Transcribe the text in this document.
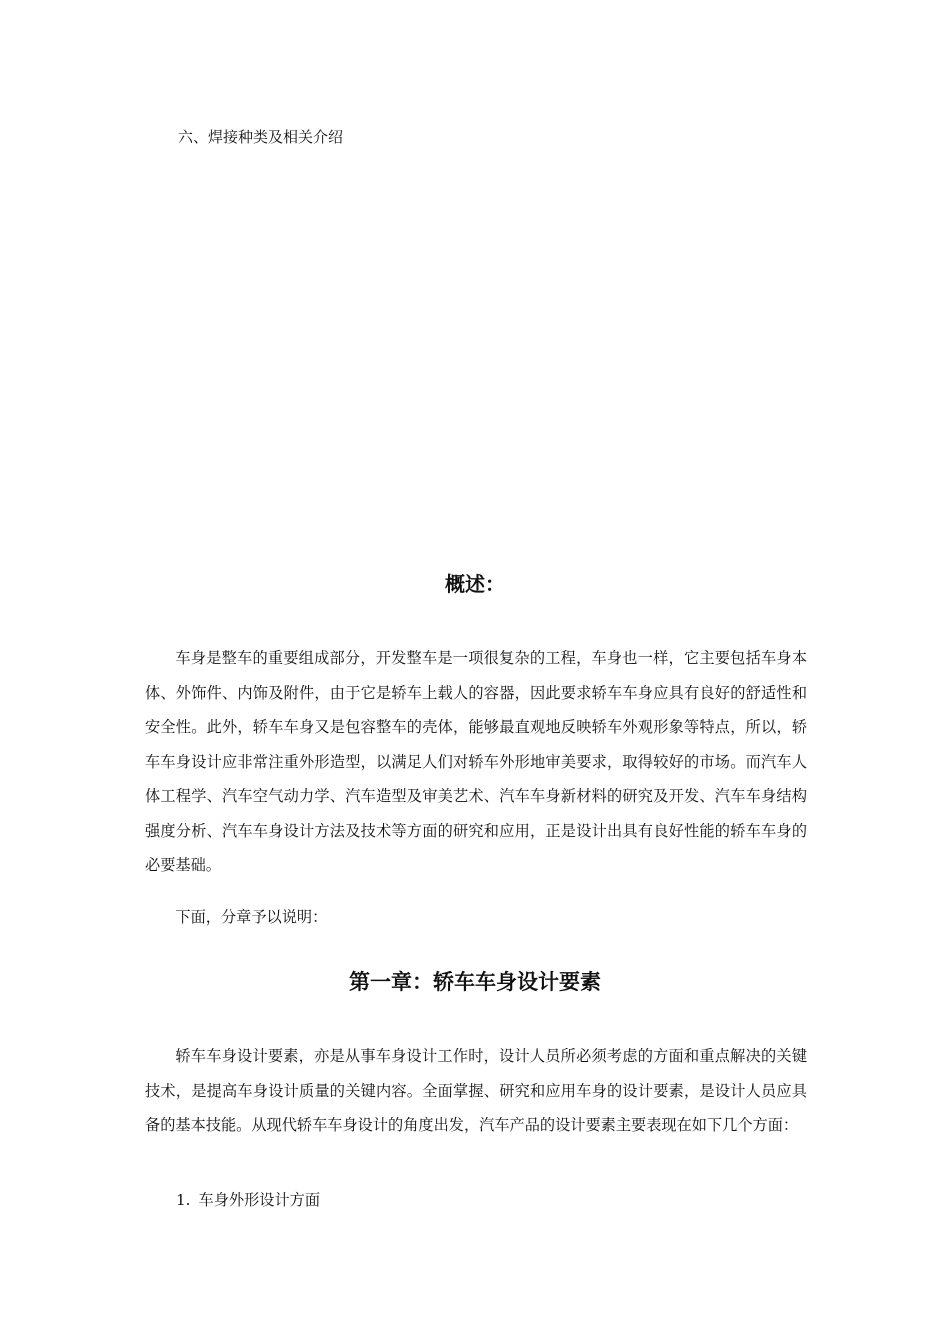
六、焊接种类及相关介绍
概述：
车身是整车的重要组成部分，开发整车是一项很复杂的工程，车身也一样，它主要包括车身本体、外饰件、内饰及附件，由于它是轿车上载人的容器，因此要求轿车车身应具有良好的舒适性和安全性。此外，轿车车身又是包容整车的壳体，能够最直观地反映轿车外观形象等特点，所以，轿车车身设计应非常注重外形造型，以满足人们对轿车外形地审美要求，取得较好的市场。而汽车人体工程学、汽车空气动力学、汽车造型及审美艺术、汽车车身新材料的研究及开发、汽车车身结构强度分析、汽车车身设计方法及技术等方面的研究和应用，正是设计出具有良好性能的轿车车身的必要基础。
下面，分章予以说明：
第一章：轿车车身设计要素
轿车车身设计要素，亦是从事车身设计工作时，设计人员所必须考虑的方面和重点解决的关键技术，是提高车身设计质量的关键内容。全面掌握、研究和应用车身的设计要素，是设计人员应具备的基本技能。从现代轿车车身设计的角度出发，汽车产品的设计要素主要表现在如下几个方面：
1. 车身外形设计方面
